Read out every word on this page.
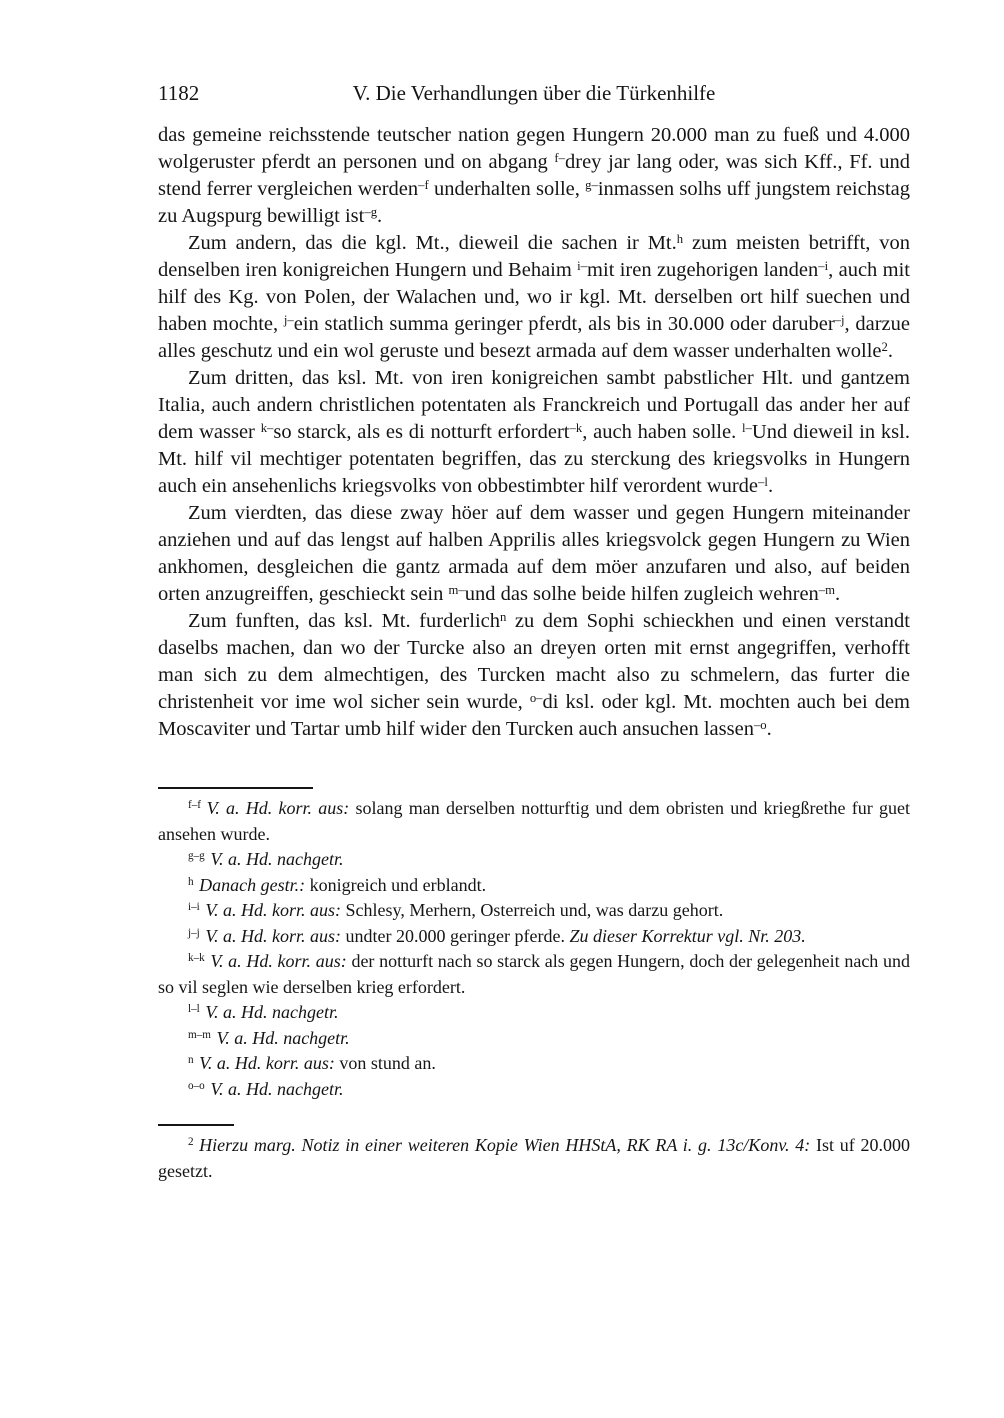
1182	V. Die Verhandlungen über die Türkenhilfe

das gemeine reichsstende teutscher nation gegen Hungern 20.000 man zu fueß und 4.000 wolgeruster pferdt an personen und on abgang $^{f-}$drey jar lang oder, was sich Kff., Ff. und stend ferrer vergleichen werden$^{-f}$ underhalten solle, $^{g-}$inmassen solhs uff jungstem reichstag zu Augspurg bewilligt ist$^{-g}$.

Zum andern, das die kgl. Mt., dieweil die sachen ir Mt.$^h$ zum meisten betrifft, von denselben iren konigreichen Hungern und Behaim $^{i-}$mit iren zugehorigen landen$^{-i}$, auch mit hilf des Kg. von Polen, der Walachen und, wo ir kgl. Mt. derselben ort hilf suechen und haben mochte, $^{j-}$ein statlich summa geringer pferdt, als bis in 30.000 oder daruber$^{-j}$, darzue alles geschutz und ein wol geruste und besezt armada auf dem wasser underhalten wolle$^2$.

Zum dritten, das ksl. Mt. von iren konigreichen sambt pabstlicher Hlt. und gantzem Italia, auch andern christlichen potentaten als Franckreich und Portugall das ander her auf dem wasser $^{k-}$so starck, als es di notturft erfordert$^{-k}$, auch haben solle. $^{l-}$Und dieweil in ksl. Mt. hilf vil mechtiger potentaten begriffen, das zu sterckung des kriegsvolks in Hungern auch ein ansehenlichs kriegsvolks von obbestimbter hilf verordent wurde$^{-l}$.

Zum vierdten, das diese zway höer auf dem wasser und gegen Hungern miteinander anziehen und auf das lengst auf halben Apprilis alles kriegsvolck gegen Hungern zu Wien ankhomen, desgleichen die gantz armada auf dem möer anzufaren und also, auf beiden orten anzugreiffen, geschieckt sein $^{m-}$und das solhe beide hilfen zugleich wehren$^{-m}$.

Zum funften, das ksl. Mt. furderlich$^n$ zu dem Sophi schieckhen und einen verstandt daselbs machen, dan wo der Turcke also an dreyen orten mit ernst angegriffen, verhofft man sich zu dem almechtigen, des Turcken macht also zu schmelern, das furter die christenheit vor ime wol sicher sein wurde, $^{o-}$di ksl. oder kgl. Mt. mochten auch bei dem Moscaviter und Tartar umb hilf wider den Turcken auch ansuchen lassen$^{-o}$.

$^{f-f}$ V. a. Hd. korr. aus: solang man derselben notturftig und dem obristen und kriegßrethe fur guet ansehen wurde.

$^{g-g}$ V. a. Hd. nachgetr.

$^h$ Danach gestr.: konigreich und erblandt.

$^{i-i}$ V. a. Hd. korr. aus: Schlesy, Merhern, Osterreich und, was darzu gehort.

$^{j-j}$ V. a. Hd. korr. aus: undter 20.000 geringer pferde. Zu dieser Korrektur vgl. Nr. 203.

$^{k-k}$ V. a. Hd. korr. aus: der notturft nach so starck als gegen Hungern, doch der gelegenheit nach und so vil seglen wie derselben krieg erfordert.

$^{l-l}$ V. a. Hd. nachgetr.

$^{m-m}$ V. a. Hd. nachgetr.

$^n$ V. a. Hd. korr. aus: von stund an.

$^{o-o}$ V. a. Hd. nachgetr.

$^2$ Hierzu marg. Notiz in einer weiteren Kopie Wien HHStA, RK RA i. g. 13c/Konv. 4: Ist uf 20.000 gesetzt.
